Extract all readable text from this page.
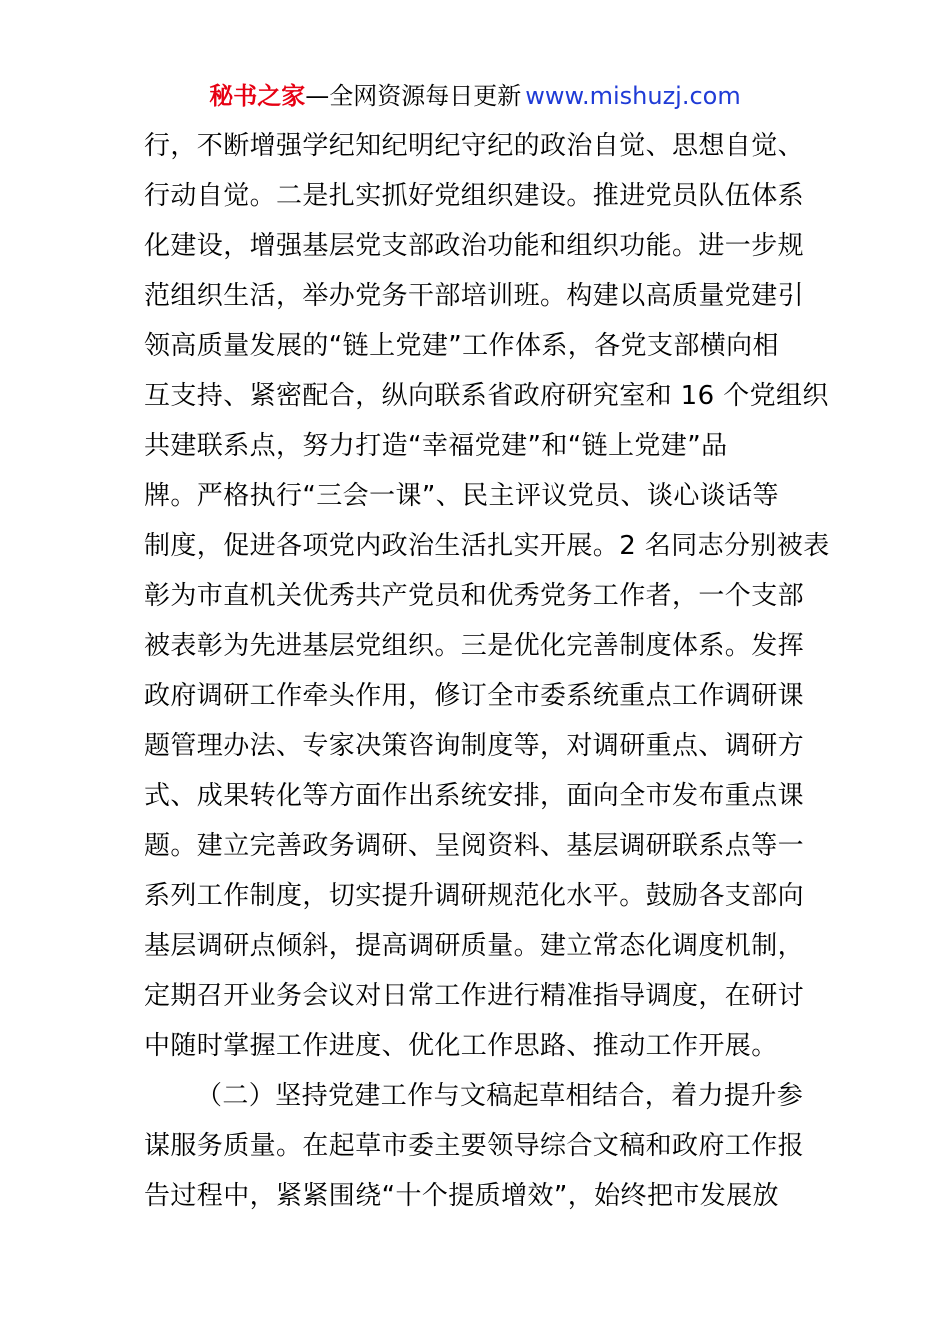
秘书之家—全网资源每日更新 www.mishuzj.com
行，不断增强学纪知纪明纪守纪的政治自觉、思想自觉、
行动自觉。二是扎实抓好党组织建设。推进党员队伍体系
化建设，增强基层党支部政治功能和组织功能。进一步规
范组织生活，举办党务干部培训班。构建以高质量党建引
领高质量发展的“链上党建”工作体系，各党支部横向相
互支持、紧密配合，纵向联系省政府研究室和 16 个党组织
共建联系点，努力打造“幸福党建”和“链上党建”品
牌。严格执行“三会一课”、民主评议党员、谈心谈话等
制度，促进各项党内政治生活扎实开展。2 名同志分别被表
彰为市直机关优秀共产党员和优秀党务工作者，一个支部
被表彰为先进基层党组织。三是优化完善制度体系。发挥
政府调研工作牵头作用，修订全市委系统重点工作调研课
题管理办法、专家决策咨询制度等，对调研重点、调研方
式、成果转化等方面作出系统安排，面向全市发布重点课
题。建立完善政务调研、呈阅资料、基层调研联系点等一
系列工作制度，切实提升调研规范化水平。鼓励各支部向
基层调研点倾斜，提高调研质量。建立常态化调度机制，
定期召开业务会议对日常工作进行精准指导调度，在研讨
中随时掌握工作进度、优化工作思路、推动工作开展。
（二）坚持党建工作与文稿起草相结合，着力提升参
谋服务质量。在起草市委主要领导综合文稿和政府工作报
告过程中，紧紧围绕“十个提质增效”，始终把市发展放
